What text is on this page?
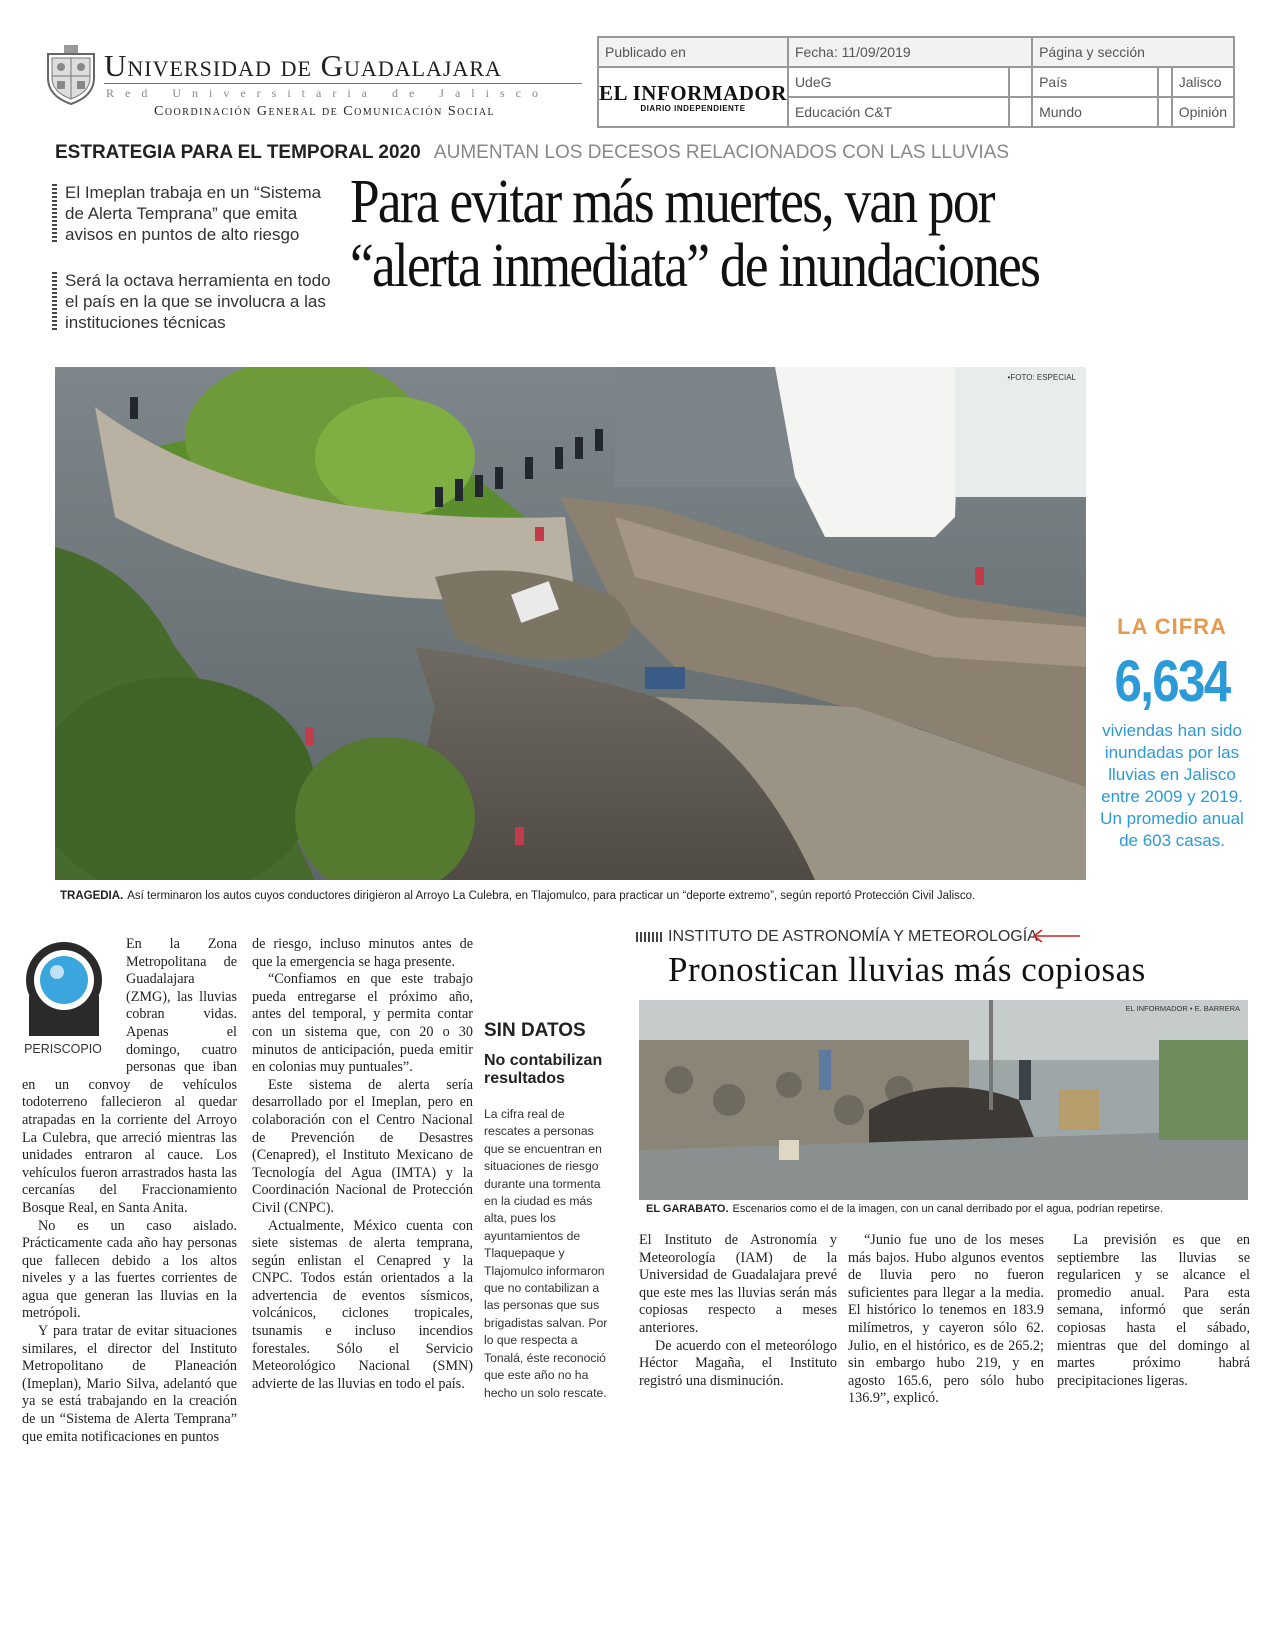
Universidad de Guadalajara
Red Universitaria de Jalisco
Coordinación General de Comunicación Social
Publicado en	Fecha: 11/09/2019		Página y sección		

EL INFORMADOR
DIARIO INDEPENDIENTE	UdeG		País		Jalisco
	Educación C&T		Mundo		Opinión
ESTRATEGIA PARA EL TEMPORAL 2020 AUMENTAN LOS DECESOS RELACIONADOS CON LAS LLUVIAS
El Imeplan trabaja en un “Sistema de Alerta Temprana” que emita avisos en puntos de alto riesgo
Será la octava herramienta en todo el país en la que se involucra a las instituciones técnicas
Para evitar más muertes, van por
“alerta inmediata” de inundaciones
•FOTO: ESPECIAL
TRAGEDIA. Así terminaron los autos cuyos conductores dirigieron al Arroyo La Culebra, en Tlajomulco, para practicar un “deporte extremo”, según reportó Protección Civil Jalisco.
LA CIFRA
6,634
viviendas han sido inundadas por las lluvias en Jalisco entre 2009 y 2019. Un promedio anual de 603 casas.
PERISCOPIO

En la Zona Metropolitana de Guadalajara (ZMG), las lluvias cobran vidas. Apenas el domingo, cuatro personas que iban en un convoy de vehículos todoterreno fallecieron al quedar atrapadas en la corriente del Arroyo La Culebra, que arreció mientras las unidades entraron al cauce. Los vehículos fueron arrastrados hasta las cercanías del Fraccionamiento Bosque Real, en Santa Anita.

No es un caso aislado. Prácticamente cada año hay personas que fallecen debido a los altos niveles y a las fuertes corrientes de agua que generan las lluvias en la metrópoli.

Y para tratar de evitar situaciones similares, el director del Instituto Metropolitano de Planeación (Imeplan), Mario Silva, adelantó que ya se está trabajando en la creación de un “Sistema de Alerta Temprana” que emita notificaciones en puntos

de riesgo, incluso minutos antes de que la emergencia se haga presente.

“Confiamos en que este trabajo pueda entregarse el próximo año, antes del temporal, y permita contar con un sistema que, con 20 o 30 minutos de anticipación, pueda emitir en colonias muy puntuales”.

Este sistema de alerta sería desarrollado por el Imeplan, pero en colaboración con el Centro Nacional de Prevención de Desastres (Cenapred), el Instituto Mexicano de Tecnología del Agua (IMTA) y la Coordinación Nacional de Protección Civil (CNPC).

Actualmente, México cuenta con siete sistemas de alerta temprana, según enlistan el Cenapred y la CNPC. Todos están orientados a la advertencia de eventos sísmicos, volcánicos, ciclones tropicales, tsunamis e incluso incendios forestales. Sólo el Servicio Meteorológico Nacional (SMN) advierte de las lluvias en todo el país.

SIN DATOS
No contabilizan resultados
La cifra real de rescates a personas que se encuentran en situaciones de riesgo durante una tormenta en la ciudad es más alta, pues los ayuntamientos de Tlaquepaque y Tlajomulco informaron que no contabilizan a las personas que sus brigadistas salvan. Por lo que respecta a Tonalá, éste reconoció que este año no ha hecho un solo rescate.
INSTITUTO DE ASTRONOMÍA Y METEOROLOGÍA
Pronostican lluvias más copiosas
EL INFORMADOR • E. BARRERA
EL GARABATO. Escenarios como el de la imagen, con un canal derribado por el agua, podrían repetirse.

El Instituto de Astronomía y Meteorología (IAM) de la Universidad de Guadalajara prevé que este mes las lluvias serán más copiosas respecto a meses anteriores.

De acuerdo con el meteorólogo Héctor Magaña, el Instituto registró una disminución.

“Junio fue uno de los meses más bajos. Hubo algunos eventos de lluvia pero no fueron suficientes para llegar a la media. El histórico lo tenemos en 183.9 milímetros, y cayeron sólo 62. Julio, en el histórico, es de 265.2; sin embargo hubo 219, y en agosto 165.6, pero sólo hubo 136.9”, explicó.

La previsión es que en septiembre las lluvias se regularicen y se alcance el promedio anual. Para esta semana, informó que serán copiosas hasta el sábado, mientras que del domingo al martes próximo habrá precipitaciones ligeras.
